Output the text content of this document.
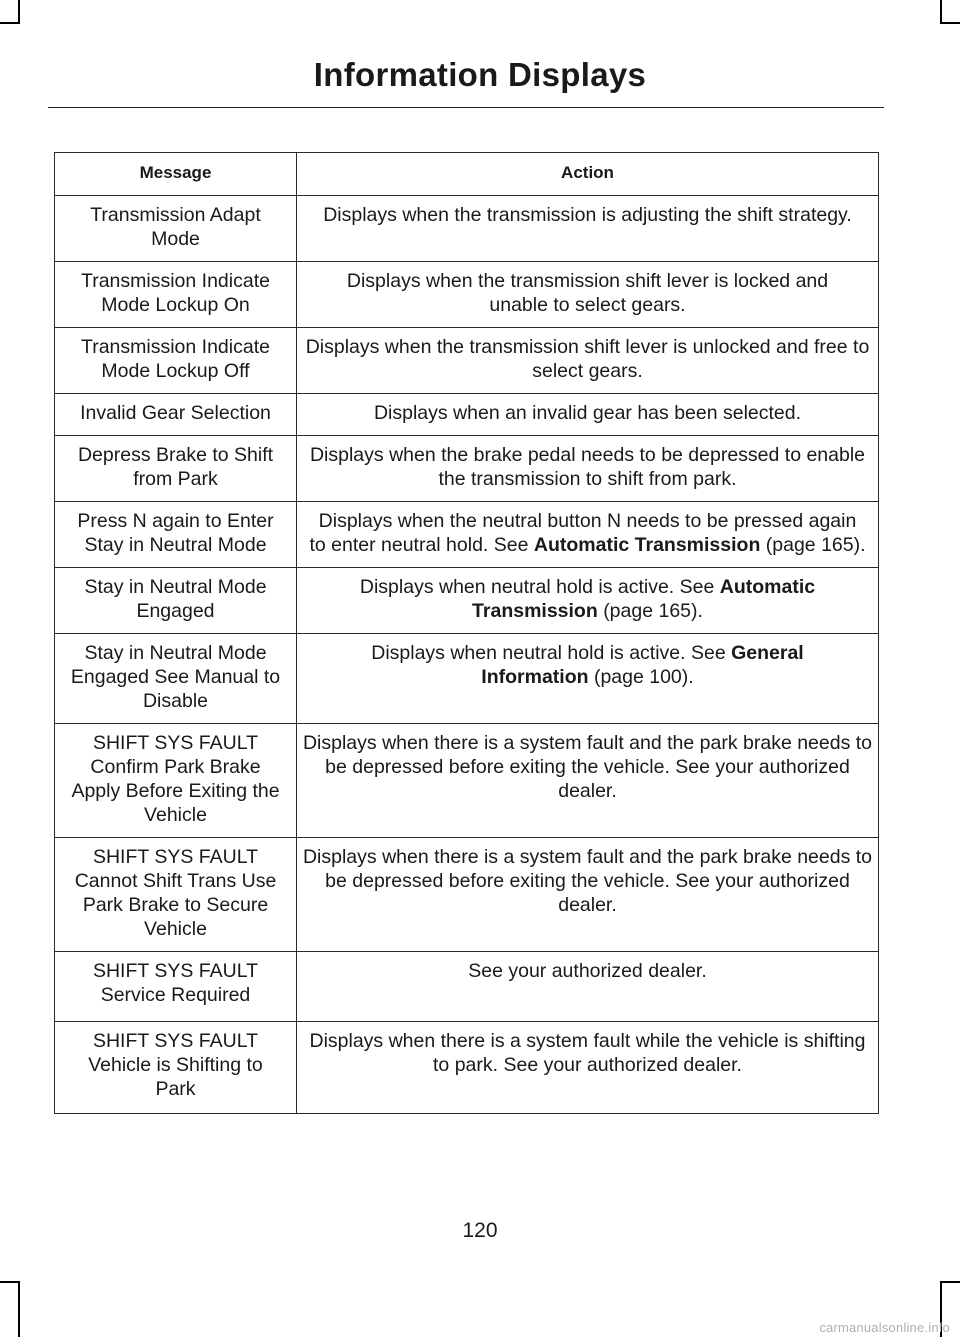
Information Displays
Message	Action
Transmission Adapt Mode	Displays when the transmission is adjusting the shift strategy.
Transmission Indicate Mode Lockup On	Displays when the transmission shift lever is locked and unable to select gears.
Transmission Indicate Mode Lockup Off	Displays when the transmission shift lever is unlocked and free to select gears.
Invalid Gear Selection	Displays when an invalid gear has been selected.
Depress Brake to Shift from Park	Displays when the brake pedal needs to be depressed to enable the transmission to shift from park.
Press N again to Enter Stay in Neutral Mode	Displays when the neutral button N needs to be pressed again to enter neutral hold. See Automatic Transmission (page 165).
Stay in Neutral Mode Engaged	Displays when neutral hold is active. See Automatic Transmission (page 165).
Stay in Neutral Mode Engaged See Manual to Disable	Displays when neutral hold is active. See General Information (page 100).
SHIFT SYS FAULT Confirm Park Brake Apply Before Exiting the Vehicle	Displays when there is a system fault and the park brake needs to be depressed before exiting the vehicle. See your authorized dealer.
SHIFT SYS FAULT Cannot Shift Trans Use Park Brake to Secure Vehicle	Displays when there is a system fault and the park brake needs to be depressed before exiting the vehicle. See your authorized dealer.
SHIFT SYS FAULT Service Required	See your authorized dealer.
SHIFT SYS FAULT Vehicle is Shifting to Park	Displays when there is a system fault while the vehicle is shifting to park. See your authorized dealer.
120
carmanualsonline.info
